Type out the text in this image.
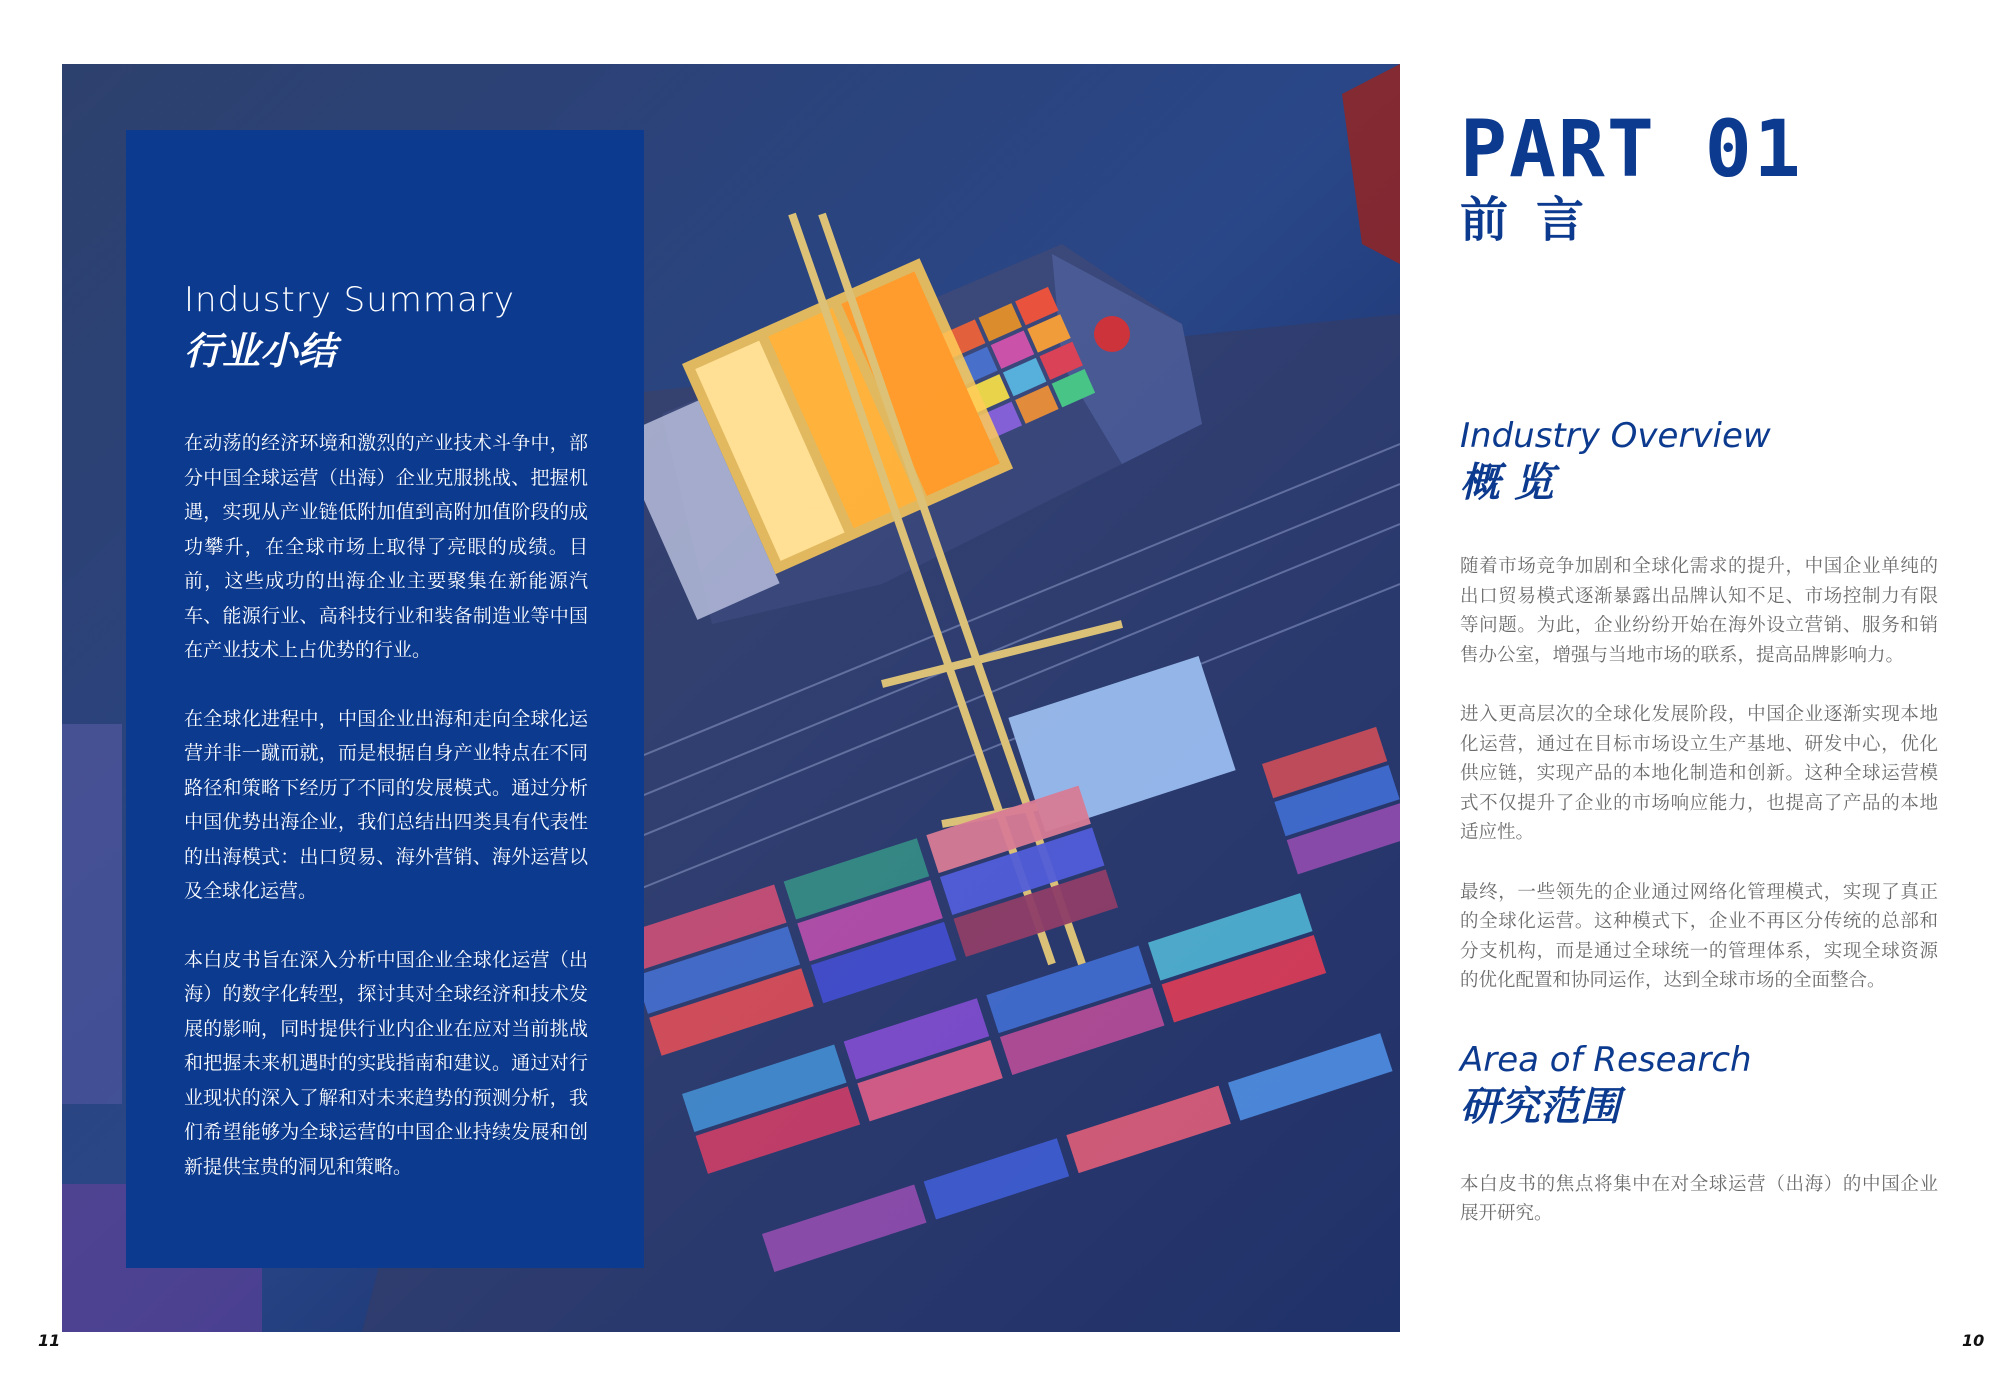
Industry Summary

行业小结

在动荡的经济环境和激烈的产业技术斗争中，部分中国全球运营（出海）企业克服挑战、把握机遇，实现从产业链低附加值到高附加值阶段的成功攀升，在全球市场上取得了亮眼的成绩。目前，这些成功的出海企业主要聚集在新能源汽车、能源行业、高科技行业和装备制造业等中国在产业技术上占优势的行业。

在全球化进程中，中国企业出海和走向全球化运营并非一蹴而就，而是根据自身产业特点在不同路径和策略下经历了不同的发展模式。通过分析中国优势出海企业，我们总结出四类具有代表性的出海模式：出口贸易、海外营销、海外运营以及全球化运营。

本白皮书旨在深入分析中国企业全球化运营（出海）的数字化转型，探讨其对全球经济和技术发展的影响，同时提供行业内企业在应对当前挑战和把握未来机遇时的实践指南和建议。通过对行业现状的深入了解和对未来趋势的预测分析，我们希望能够为全球运营的中国企业持续发展和创新提供宝贵的洞见和策略。

PART 01

前言

Industry Overview

概 览

随着市场竞争加剧和全球化需求的提升，中国企业单纯的出口贸易模式逐渐暴露出品牌认知不足、市场控制力有限等问题。为此，企业纷纷开始在海外设立营销、服务和销售办公室，增强与当地市场的联系，提高品牌影响力。

进入更高层次的全球化发展阶段，中国企业逐渐实现本地化运营，通过在目标市场设立生产基地、研发中心，优化供应链，实现产品的本地化制造和创新。这种全球运营模式不仅提升了企业的市场响应能力，也提高了产品的本地适应性。

最终，一些领先的企业通过网络化管理模式，实现了真正的全球化运营。这种模式下，企业不再区分传统的总部和分支机构，而是通过全球统一的管理体系，实现全球资源的优化配置和协同运作，达到全球市场的全面整合。

Area of Research

研究范围

本白皮书的焦点将集中在对全球运营（出海）的中国企业展开研究。

11	10
